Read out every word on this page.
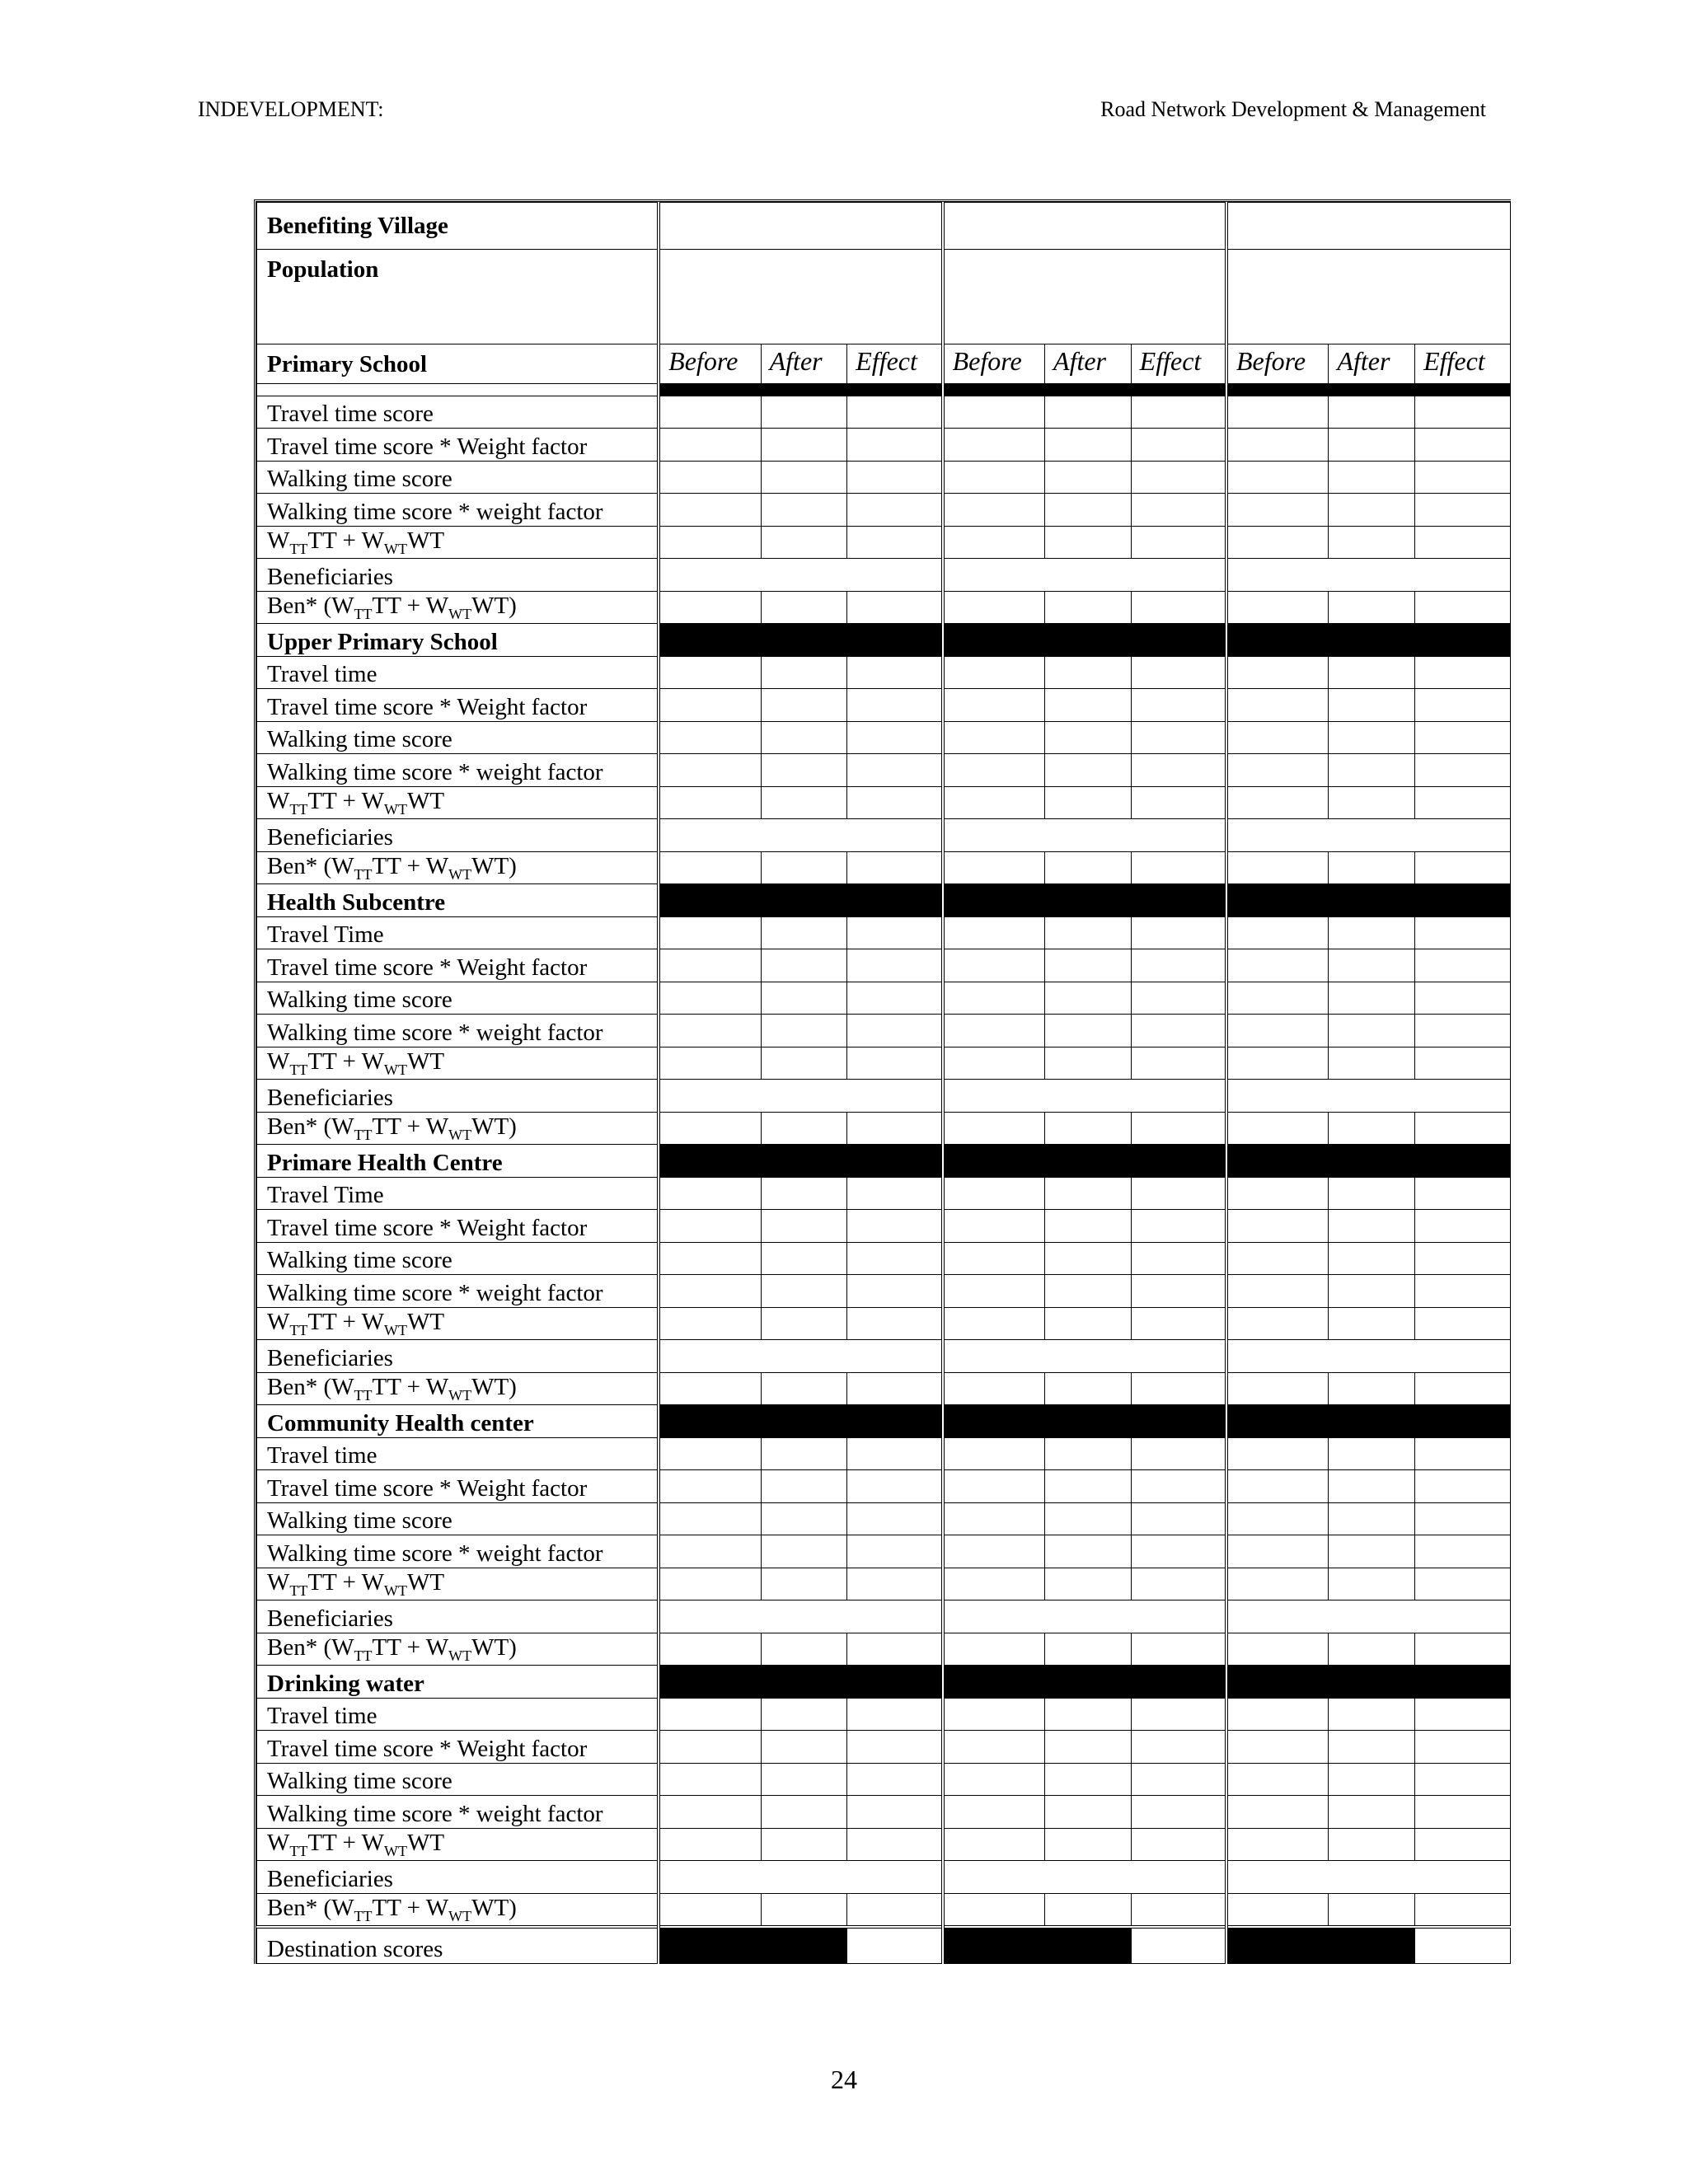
INDEVELOPMENT:	Road Network Development & Management
Benefiting Village									
Population									
Primary School	Before	After	Effect	Before	After	Effect	Before	After	Effect

Travel time score									
Travel time score * Weight factor									
Walking time score									
Walking time score * weight factor									
$W_{TT}TT + W_{WT}WT$									
Beneficiaries									
Ben* $(W_{TT}TT + W_{WT}WT)$									
Upper Primary School									
Travel time									
Travel time score * Weight factor									
Walking time score									
Walking time score * weight factor									
$W_{TT}TT + W_{WT}WT$									
Beneficiaries									
Ben* $(W_{TT}TT + W_{WT}WT)$									
Health Subcentre									
Travel Time									
Travel time score * Weight factor									
Walking time score									
Walking time score * weight factor									
$W_{TT}TT + W_{WT}WT$									
Beneficiaries									
Ben* $(W_{TT}TT + W_{WT}WT)$									
Primare Health Centre									
Travel Time									
Travel time score * Weight factor									
Walking time score									
Walking time score * weight factor									
$W_{TT}TT + W_{WT}WT$									
Beneficiaries									
Ben* $(W_{TT}TT + W_{WT}WT)$									
Community Health center									
Travel time									
Travel time score * Weight factor									
Walking time score									
Walking time score * weight factor									
$W_{TT}TT + W_{WT}WT$									
Beneficiaries									
Ben* $(W_{TT}TT + W_{WT}WT)$									
Drinking water									
Travel time									
Travel time score * Weight factor									
Walking time score									
Walking time score * weight factor									
$W_{TT}TT + W_{WT}WT$									
Beneficiaries									
Ben* $(W_{TT}TT + W_{WT}WT)$									
Destination scores									
24
